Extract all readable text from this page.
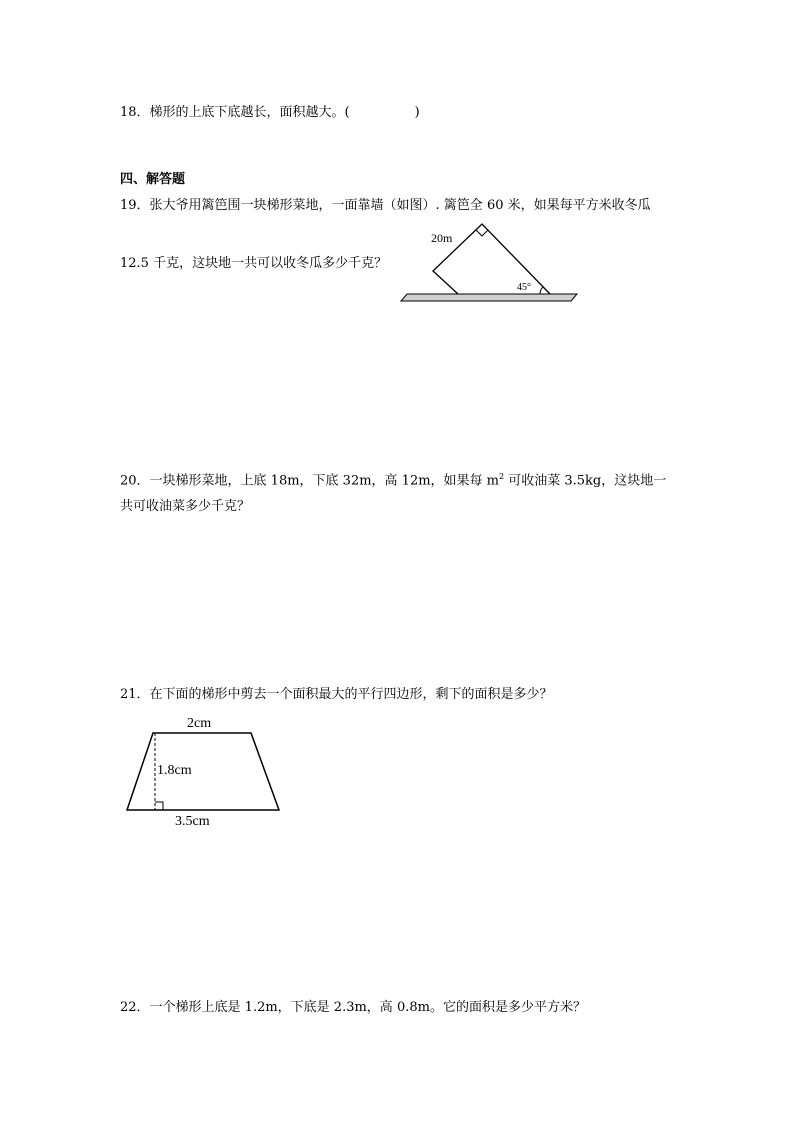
18．梯形的上底下底越长，面积越大。(　　　　　)
四、解答题
19．张大爷用篱笆围一块梯形菜地，一面靠墙（如图）. 篱笆全 60 米，如果每平方米收冬瓜
12.5 千克，这块地一共可以收冬瓜多少千克？
20m
45°
20．一块梯形菜地，上底 18m，下底 32m，高 12m，如果每 $m^2$ 可收油菜 3.5kg，这块地一
共可收油菜多少千克？
21．在下面的梯形中剪去一个面积最大的平行四边形，剩下的面积是多少？
2cm
1.8cm
3.5cm
22．一个梯形上底是 1.2m，下底是 2.3m，高 0.8m。它的面积是多少平方米？
